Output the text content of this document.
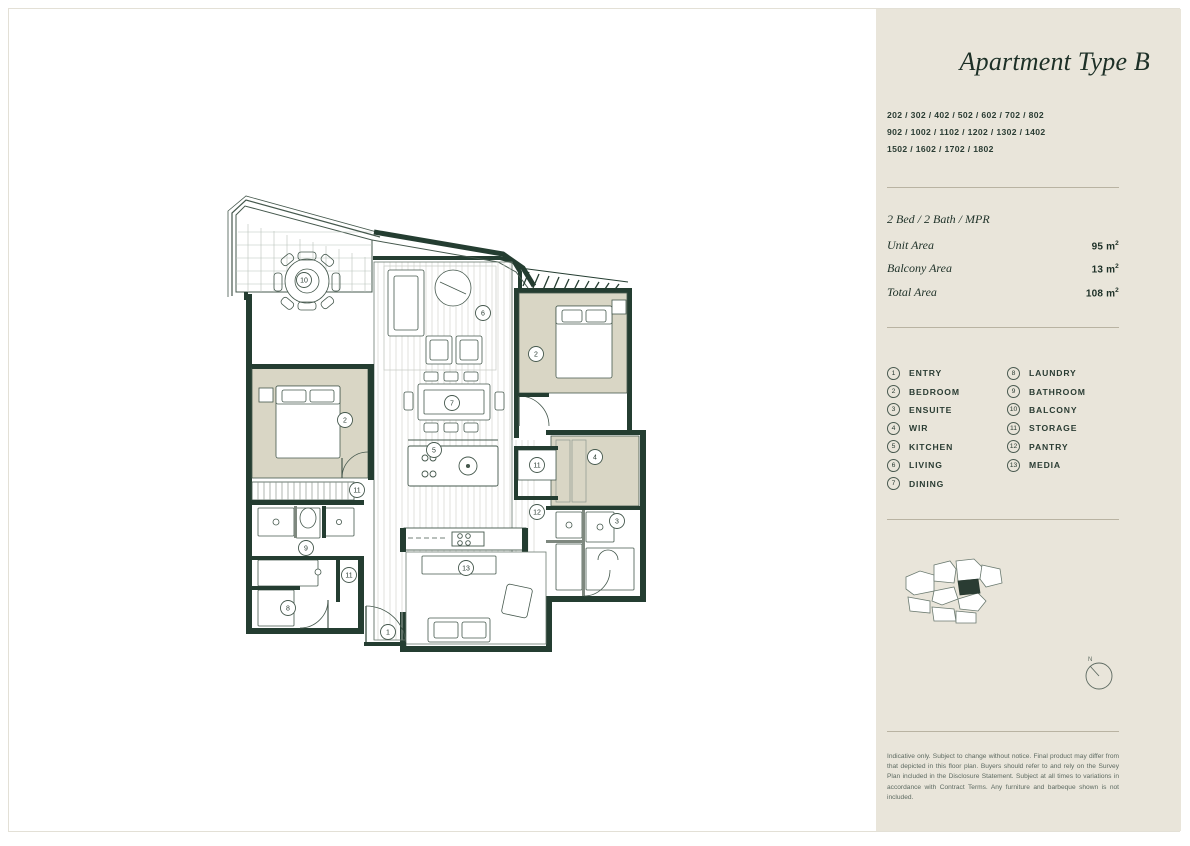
10
6
2
2
7
4
5
11
11
12
3
9
11
8
13
1
Apartment Type B
202 / 302 / 402 / 502 / 602 / 702 / 802
902 / 1002 / 1102 / 1202 / 1302 / 1402
1502 / 1602 / 1702 / 1802
2 Bed / 2 Bath / MPR
Unit Area	95 $m^2$
Balcony Area	13 $m^2$
Total Area	108 $m^2$
1	ENTRY
2	BEDROOM
3	ENSUITE
4	WIR
5	KITCHEN
6	LIVING
7	DINING
8	LAUNDRY
9	BATHROOM
10	BALCONY
11	STORAGE
12	PANTRY
13	MEDIA
N
Indicative only. Subject to change without notice. Final product may differ from that depicted in this floor plan. Buyers should refer to and rely on the Survey Plan included in the Disclosure Statement. Subject at all times to variations in accordance with Contract Terms. Any furniture and barbeque shown is not included.
